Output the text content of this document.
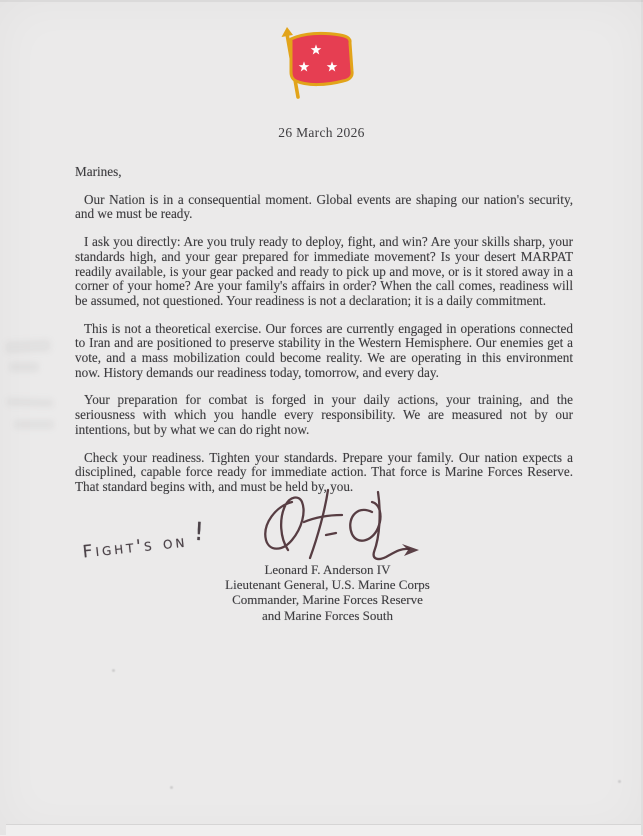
26 March 2026

Marines,

Our Nation is in a consequential moment. Global events are shaping our nation's security, and we must be ready.

I ask you directly: Are you truly ready to deploy, fight, and win? Are your skills sharp, your standards high, and your gear prepared for immediate movement? Is your desert MARPAT readily available, is your gear packed and ready to pick up and move, or is it stored away in a corner of your home? Are your family's affairs in order? When the call comes, readiness will be assumed, not questioned. Your readiness is not a declaration; it is a daily commitment.

This is not a theoretical exercise. Our forces are currently engaged in operations connected to Iran and are positioned to preserve stability in the Western Hemisphere. Our enemies get a vote, and a mass mobilization could become reality. We are operating in this environment now. History demands our readiness today, tomorrow, and every day.

Your preparation for combat is forged in your daily actions, your training, and the seriousness with which you handle every responsibility. We are measured not by our intentions, but by what we can do right now.

Check your readiness. Tighten your standards. Prepare your family. Our nation expects a disciplined, capable force ready for immediate action. That force is Marine Forces Reserve. That standard begins with, and must be held by, you.

Fight's on !
Leonard F. Anderson IV
Lieutenant General, U.S. Marine Corps
Commander, Marine Forces Reserve
and Marine Forces South
